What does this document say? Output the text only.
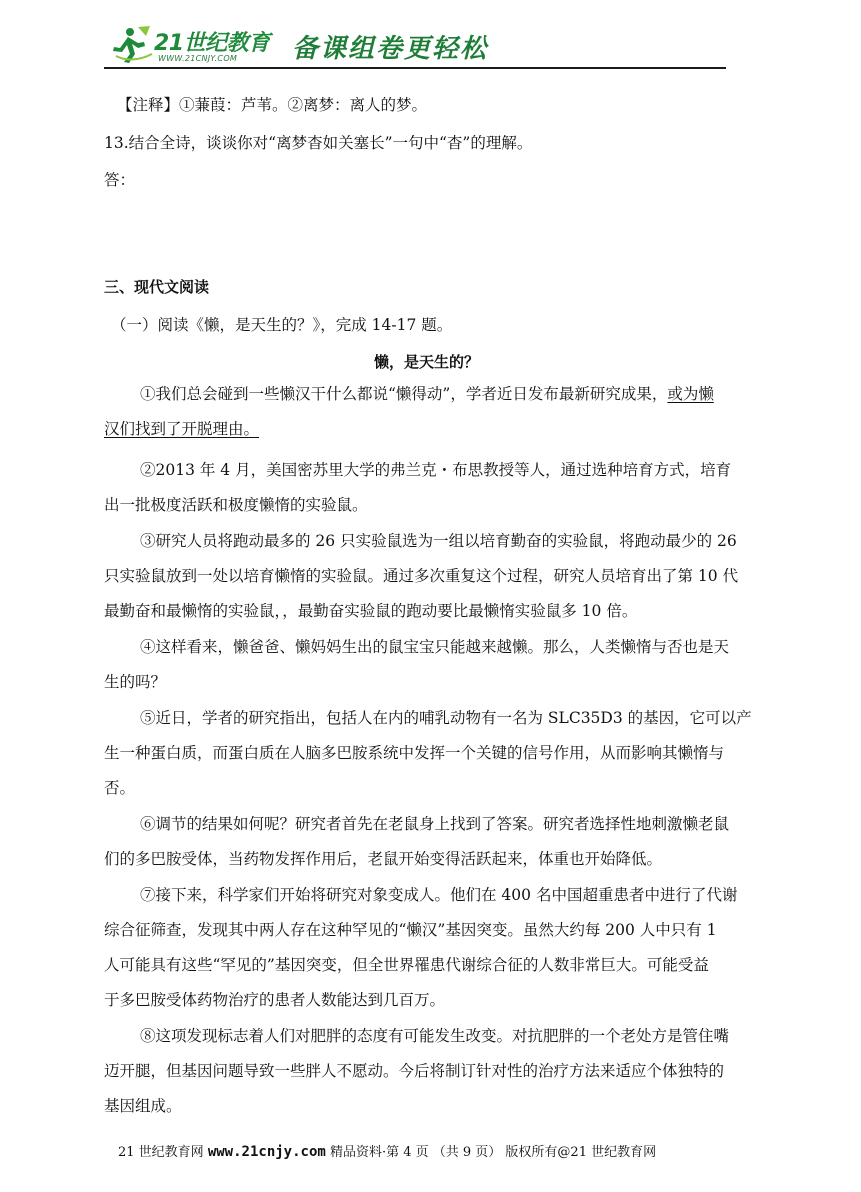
21世纪教育
WWW.21CNJY.COM 备课组卷更轻松
【注释】①蒹葭：芦苇。②离梦：离人的梦。
13.结合全诗，谈谈你对“离梦杳如关塞长”一句中“杳”的理解。
答：
三、现代文阅读
（一）阅读《懒，是天生的？》，完成 14-17 题。
懒，是天生的？
①我们总会碰到一些懒汉干什么都说“懒得动”，学者近日发布最新研究成果，或为懒
汉们找到了开脱理由。
②2013 年 4 月，美国密苏里大学的弗兰克・布思教授等人，通过选种培育方式，培育
出一批极度活跃和极度懒惰的实验鼠。
③研究人员将跑动最多的 26 只实验鼠选为一组以培育勤奋的实验鼠，将跑动最少的 26
只实验鼠放到一处以培育懒惰的实验鼠。通过多次重复这个过程，研究人员培育出了第 10 代
最勤奋和最懒惰的实验鼠，，最勤奋实验鼠的跑动要比最懒惰实验鼠多 10 倍。
④这样看来，懒爸爸、懒妈妈生出的鼠宝宝只能越来越懒。那么，人类懒惰与否也是天
生的吗？
⑤近日，学者的研究指出，包括人在内的哺乳动物有一名为 SLC35D3 的基因，它可以产
生一种蛋白质，而蛋白质在人脑多巴胺系统中发挥一个关键的信号作用，从而影响其懒惰与
否。
⑥调节的结果如何呢？研究者首先在老鼠身上找到了答案。研究者选择性地刺激懒老鼠
们的多巴胺受体，当药物发挥作用后，老鼠开始变得活跃起来，体重也开始降低。
⑦接下来，科学家们开始将研究对象变成人。他们在 400 名中国超重患者中进行了代谢
综合征筛查，发现其中两人存在这种罕见的“懒汉”基因突变。虽然大约每 200 人中只有 1
人可能具有这些“罕见的”基因突变，但全世界罹患代谢综合征的人数非常巨大。可能受益
于多巴胺受体药物治疗的患者人数能达到几百万。
⑧这项发现标志着人们对肥胖的态度有可能发生改变。对抗肥胖的一个老处方是管住嘴
迈开腿，但基因问题导致一些胖人不愿动。今后将制订针对性的治疗方法来适应个体独特的
基因组成。
21 世纪教育网 www.21cnjy.com 精品资料·第 4 页 （共 9 页） 版权所有@21 世纪教育网
